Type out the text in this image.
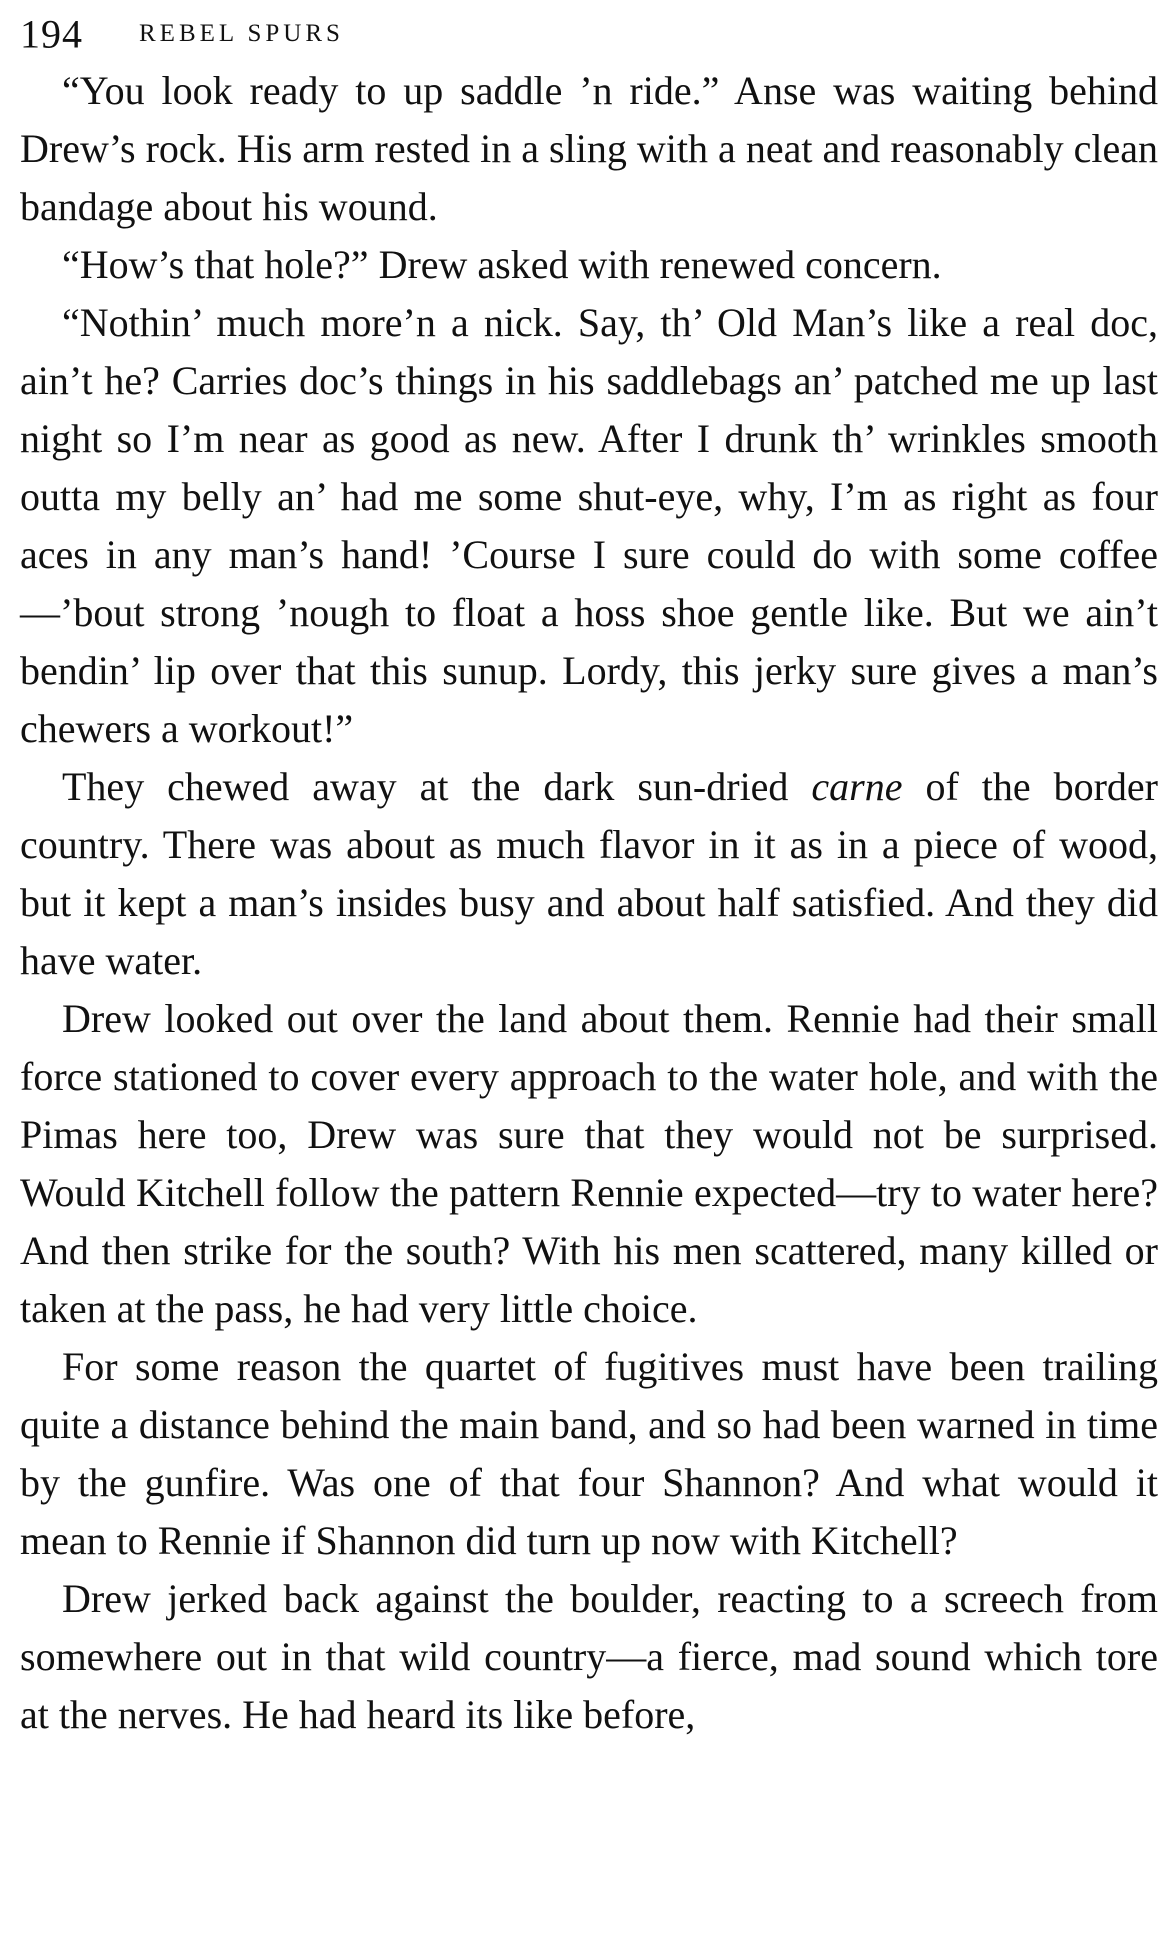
194 REBEL SPURS

“You look ready to up saddle ’n ride.” Anse was waiting behind Drew’s rock. His arm rested in a sling with a neat and reasonably clean bandage about his wound.

“How’s that hole?” Drew asked with renewed concern.

“Nothin’ much more’n a nick. Say, th’ Old Man’s like a real doc, ain’t he? Carries doc’s things in his saddlebags an’ patched me up last night so I’m near as good as new. After I drunk th’ wrinkles smooth outta my belly an’ had me some shut-eye, why, I’m as right as four aces in any man’s hand! ’Course I sure could do with some coffee—’bout strong ’nough to float a hoss shoe gentle like. But we ain’t bendin’ lip over that this sunup. Lordy, this jerky sure gives a man’s chewers a workout!”

They chewed away at the dark sun-dried carne of the border country. There was about as much flavor in it as in a piece of wood, but it kept a man’s insides busy and about half satisfied. And they did have water.

Drew looked out over the land about them. Rennie had their small force stationed to cover every approach to the water hole, and with the Pimas here too, Drew was sure that they would not be surprised. Would Kitchell follow the pattern Rennie expected—try to water here? And then strike for the south? With his men scattered, many killed or taken at the pass, he had very little choice.

For some reason the quartet of fugitives must have been trailing quite a distance behind the main band, and so had been warned in time by the gunfire. Was one of that four Shannon? And what would it mean to Rennie if Shannon did turn up now with Kitchell?

Drew jerked back against the boulder, reacting to a screech from somewhere out in that wild country—a fierce, mad sound which tore at the nerves. He had heard its like before,
